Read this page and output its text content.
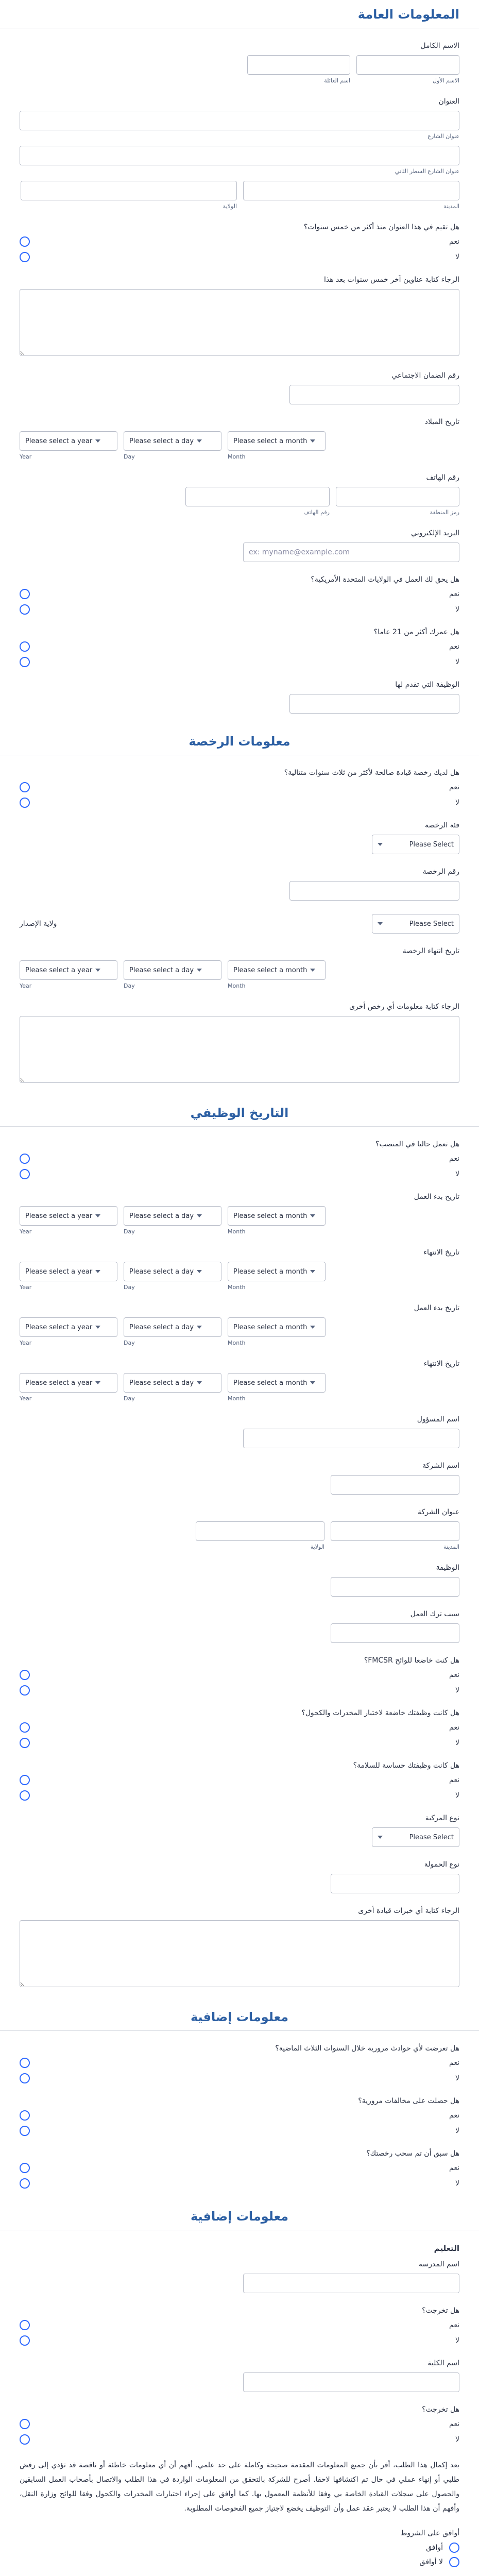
المعلومات العامة
الاسم الكامل
الاسم الأول
اسم العائلة
العنوان
عنوان الشارع
عنوان الشارع السطر الثاني
المدينة
الولاية
هل تقيم في هذا العنوان منذ أكثر من خمس سنوات؟
نعم
لا
الرجاء كتابة عناوين آخر خمس سنوات بعد هذا
رقم الضمان الاجتماعي
تاريخ الميلاد
Please select a year	Please select a day	Please select a month
Year	Day	Month
رقم الهاتف
رمز المنطقة
رقم الهاتف
البريد الإلكتروني
ex: myname@example.com
هل يحق لك العمل في الولايات المتحدة الأمريكية؟
نعم
لا
هل عمرك أكثر من 21 عاما؟
نعم
لا
الوظيفة التي تقدم لها
معلومات الرخصة
هل لديك رخصة قيادة صالحة لأكثر من ثلاث سنوات متتالية؟
نعم
لا
فئة الرخصة
Please Select
رقم الرخصة
Please Select
ولاية الإصدار
تاريخ انتهاء الرخصة
Please select a year	Please select a day	Please select a month
Year	Day	Month
الرجاء كتابة معلومات أي رخص أخرى
التاريخ الوظيفي
هل تعمل حاليا في المنصب؟
نعم
لا
تاريخ بدء العمل
Please select a year	Please select a day	Please select a month
Year	Day	Month
تاريخ الانتهاء
Please select a year	Please select a day	Please select a month
Year	Day	Month
تاريخ بدء العمل
Please select a year	Please select a day	Please select a month
Year	Day	Month
تاريخ الانتهاء
Please select a year	Please select a day	Please select a month
Year	Day	Month
اسم المسؤول
اسم الشركة
عنوان الشركة
المدينة
الولاية
الوظيفة
سبب ترك العمل
هل كنت خاضعا للوائح FMCSR؟
نعم
لا
هل كانت وظيفتك خاضعة لاختبار المخدرات والكحول؟
نعم
لا
هل كانت وظيفتك حساسة للسلامة؟
نعم
لا
نوع المركبة
Please Select
نوع الحمولة
الرجاء كتابة أي خبرات قيادة أخرى
معلومات إضافية
هل تعرضت لأي حوادث مرورية خلال السنوات الثلاث الماضية؟
نعم
لا
هل حصلت على مخالفات مرورية؟
نعم
لا
هل سبق أن تم سحب رخصتك؟
نعم
لا
معلومات إضافية
التعليم
اسم المدرسة
هل تخرجت؟
نعم
لا
اسم الكلية
هل تخرجت؟
نعم
لا

بعد إكمال هذا الطلب، أقر بأن جميع المعلومات المقدمة صحيحة وكاملة على حد علمي. أفهم أن أي معلومات خاطئة أو ناقصة قد تؤدي إلى رفض طلبي أو إنهاء عملي في حال تم اكتشافها لاحقا. أصرح للشركة بالتحقق من المعلومات الواردة في هذا الطلب والاتصال بأصحاب العمل السابقين والحصول على سجلات القيادة الخاصة بي وفقا للأنظمة المعمول بها. كما أوافق على إجراء اختبارات المخدرات والكحول وفقا للوائح وزارة النقل، وأفهم أن هذا الطلب لا يعتبر عقد عمل وأن التوظيف يخضع لاجتياز جميع الفحوصات المطلوبة.

أوافق على الشروط
أوافق
لا أوافق
